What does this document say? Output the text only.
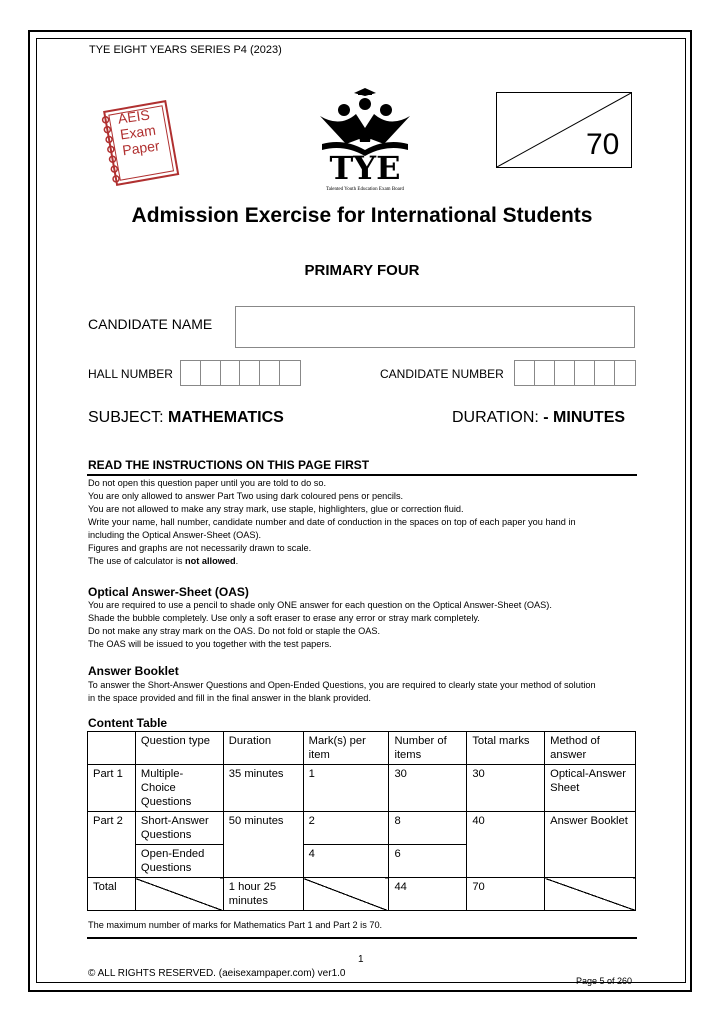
TYE EIGHT YEARS SERIES P4 (2023)
AEIS
Exam
Paper
TYE
Talented Youth Education Exam Board
70
Admission Exercise for International Students
PRIMARY FOUR
CANDIDATE NAME
HALL NUMBER	CANDIDATE NUMBER
SUBJECT: MATHEMATICS	DURATION: - MINUTES
READ THE INSTRUCTIONS ON THIS PAGE FIRST
Do not open this question paper until you are told to do so.
You are only allowed to answer Part Two using dark coloured pens or pencils.
You are not allowed to make any stray mark, use staple, highlighters, glue or correction fluid.
Write your name, hall number, candidate number and date of conduction in the spaces on top of each paper you hand in
including the Optical Answer-Sheet (OAS).
Figures and graphs are not necessarily drawn to scale.
The use of calculator is not allowed.
Optical Answer-Sheet (OAS)
You are required to use a pencil to shade only ONE answer for each question on the Optical Answer-Sheet (OAS).
Shade the bubble completely. Use only a soft eraser to erase any error or stray mark completely.
Do not make any stray mark on the OAS. Do not fold or staple the OAS.
The OAS will be issued to you together with the test papers.
Answer Booklet
To answer the Short-Answer Questions and Open-Ended Questions, you are required to clearly state your method of solution
in the space provided and fill in the final answer in the blank provided.
Content Table
	Question type	Duration	Mark(s) per item	Number of items	Total marks	Method of answer
Part 1	Multiple-Choice Questions	35 minutes	1	30	30	Optical-Answer Sheet
Part 2	Short-Answer Questions	50 minutes	2	8	40	Answer Booklet
	Open-Ended Questions		4	6		
Total		1 hour 25 minutes		44	70	
The maximum number of marks for Mathematics Part 1 and Part 2 is 70.
1
© ALL RIGHTS RESERVED. (aeisexampaper.com) ver1.0
Page 5 of 260
